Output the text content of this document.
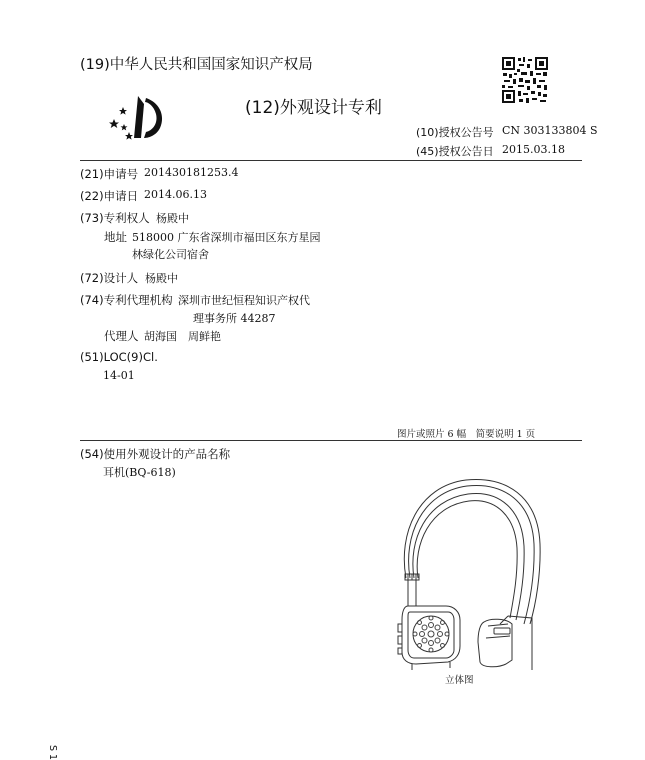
(19)中华人民共和国国家知识产权局
(12)外观设计专利
(10)授权公告号 CN 303133804 S
(45)授权公告日 2015.03.18
(21)申请号 201430181253.4
(22)申请日 2014.06.13
(73)专利权人 杨殿中
地址 518000 广东省深圳市福田区东方星园
林绿化公司宿舍
(72)设计人 杨殿中
(74)专利代理机构 深圳市世纪恒程知识产权代
理事务所 44287
代理人 胡海国　周鲜艳
(51)LOC(9)Cl.
14-01
图片或照片 6 幅　简要说明 1 页
(54)使用外观设计的产品名称
耳机(BQ-618)
立体图
S 1
